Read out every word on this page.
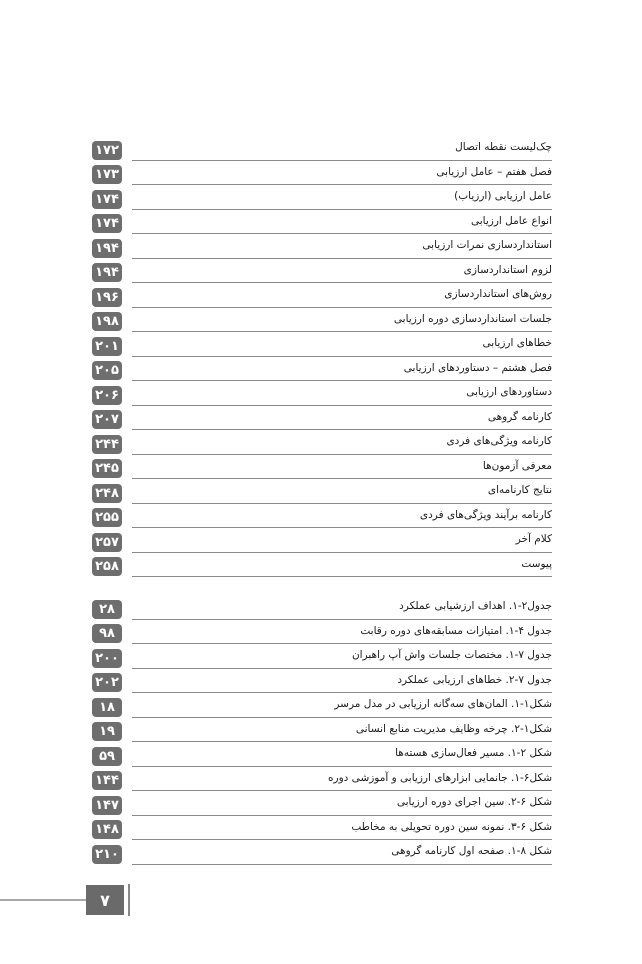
۱۷۲	چک‌لیست نقطه اتصال
۱۷۳	فصل هفتم – عامل ارزیابی
۱۷۴	عامل ارزیابی (ارزیاب)
۱۷۴	انواع عامل ارزیابی
۱۹۴	استانداردسازی نمرات ارزیابی
۱۹۴	لزوم استانداردسازی
۱۹۶	روش‌های استانداردسازی
۱۹۸	جلسات استانداردسازی دوره ارزیابی
۲۰۱	خطاهای ارزیابی
۲۰۵	فصل هشتم – دستاوردهای ارزیابی
۲۰۶	دستاوردهای ارزیابی
۲۰۷	کارنامه گروهی
۲۴۴	کارنامه ویژگی‌های فردی
۲۴۵	معرفی آزمون‌ها
۲۴۸	نتایج کارنامه‌ای
۲۵۵	کارنامه برآیند ویژگی‌های فردی
۲۵۷	کلام آخر
۲۵۸	پیوست
۲۸	جدول۲-۱. اهداف ارزشیابی عملکرد
۹۸	جدول ۴-۱. امتیازات مسابقه‌های دوره رقابت
۲۰۰	جدول ۷-۱. مختصات جلسات واش آپ راهبران
۲۰۲	جدول ۷-۲. خطاهای ارزیابی عملکرد
۱۸	شکل۱-۱. المان‌های سه‌گانه ارزیابی در مدل مرسر
۱۹	شکل۱-۲. چرخه وظایف مدیریت منابع انسانی
۵۹	شکل ۲-۱. مسیر فعال‌سازی هسته‌ها
۱۴۴	شکل۶-۱. جانمایی ابزارهای ارزیابی و آموزشی دوره
۱۴۷	شکل ۶-۲. سین اجرای دوره ارزیابی
۱۴۸	شکل ۶-۳. نمونه سین دوره تحویلی به مخاطب
۲۱۰	شکل ۸-۱. صفحه اول کارنامه گروهی
۷
